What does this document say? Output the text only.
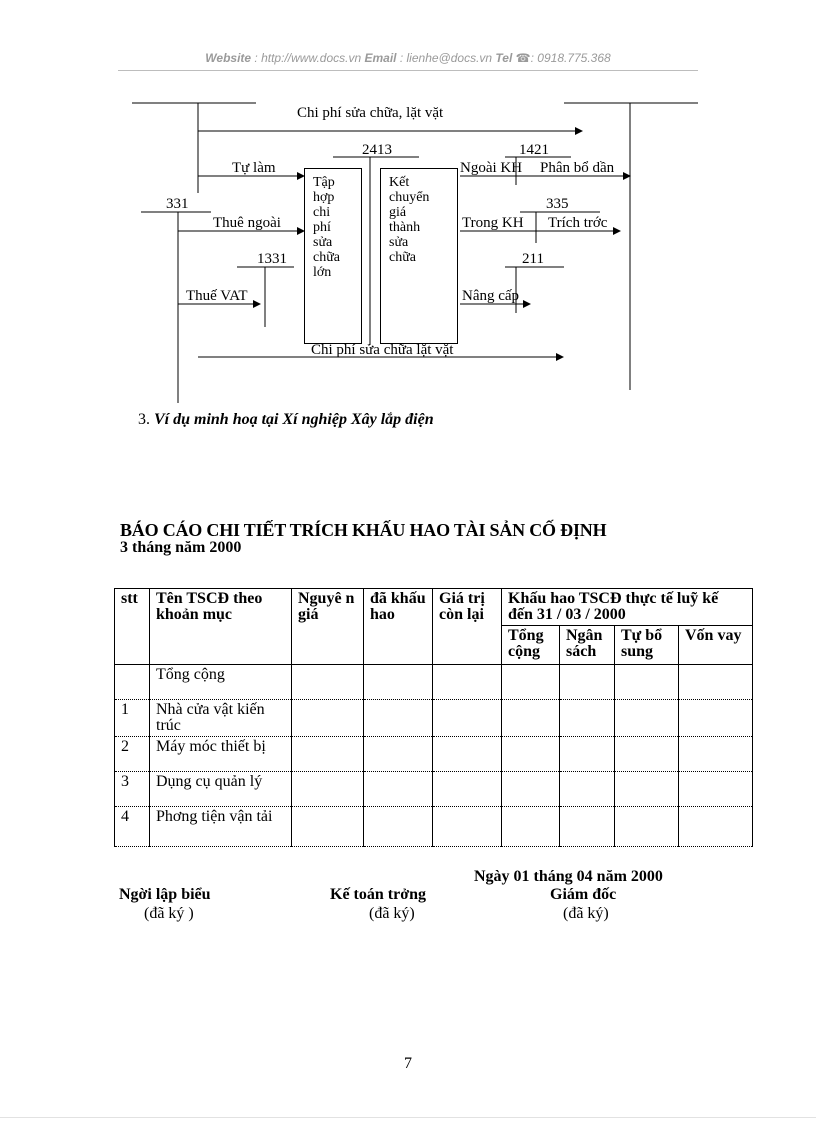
Website : http://www.docs.vn Email : lienhe@docs.vn Tel ☎: 0918.775.368
Chi phí sửa chữa, lặt vặt
2413	1421
Tự làm	Ngoài KH Phân bổ dần
331	335
Thuê ngoài	Trong KH Trích trớc
1331	211
Thuế VAT	Nâng cấp
Chi phí sửa chữa lặt vặt
Tập
hợp
chi
phí
sửa
chữa
lớn
Kết
chuyển
giá
thành
sửa
chữa
3. Ví dụ minh hoạ tại Xí nghiệp Xây lắp điện
BÁO CÁO CHI TIẾT TRÍCH KHẤU HAO TÀI SẢN CỐ ĐỊNH
3 tháng năm 2000
stt	Tên TSCĐ theo khoản mục	Nguyê n giá	đã khấu hao	Giá trị còn lại	Khấu hao TSCĐ thực tế luỹ kế đến 31 / 03 / 2000			
					Tổng cộng	Ngân sách	Tự bổ sung	Vốn vay
	Tổng cộng							
1	Nhà cửa vật kiến trúc							
2	Máy móc thiết bị							
3	Dụng cụ quản lý							
4	Phơng tiện vận tải							
Ngày 01 tháng 04 năm 2000
Ngời lập biểu
(đã ký )
Kế toán trởng
(đã ký)
Giám đốc
(đã ký)
7
